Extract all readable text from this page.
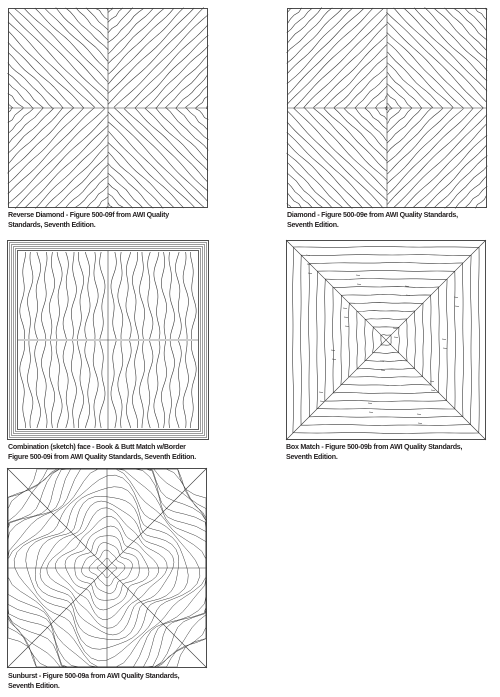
Reverse Diamond - Figure 500-09f from AWI Quality
Standards, Seventh Edition.
Diamond - Figure 500-09e from AWI Quality Standards,
Seventh Edition.
Combination (sketch) face - Book & Butt Match w/Border
Figure 500-09i from AWI Quality Standards, Seventh Edition.
Box Match - Figure 500-09b from AWI Quality Standards,
Seventh Edition.
Sunburst - Figure 500-09a from AWI Quality Standards,
Seventh Edition.
